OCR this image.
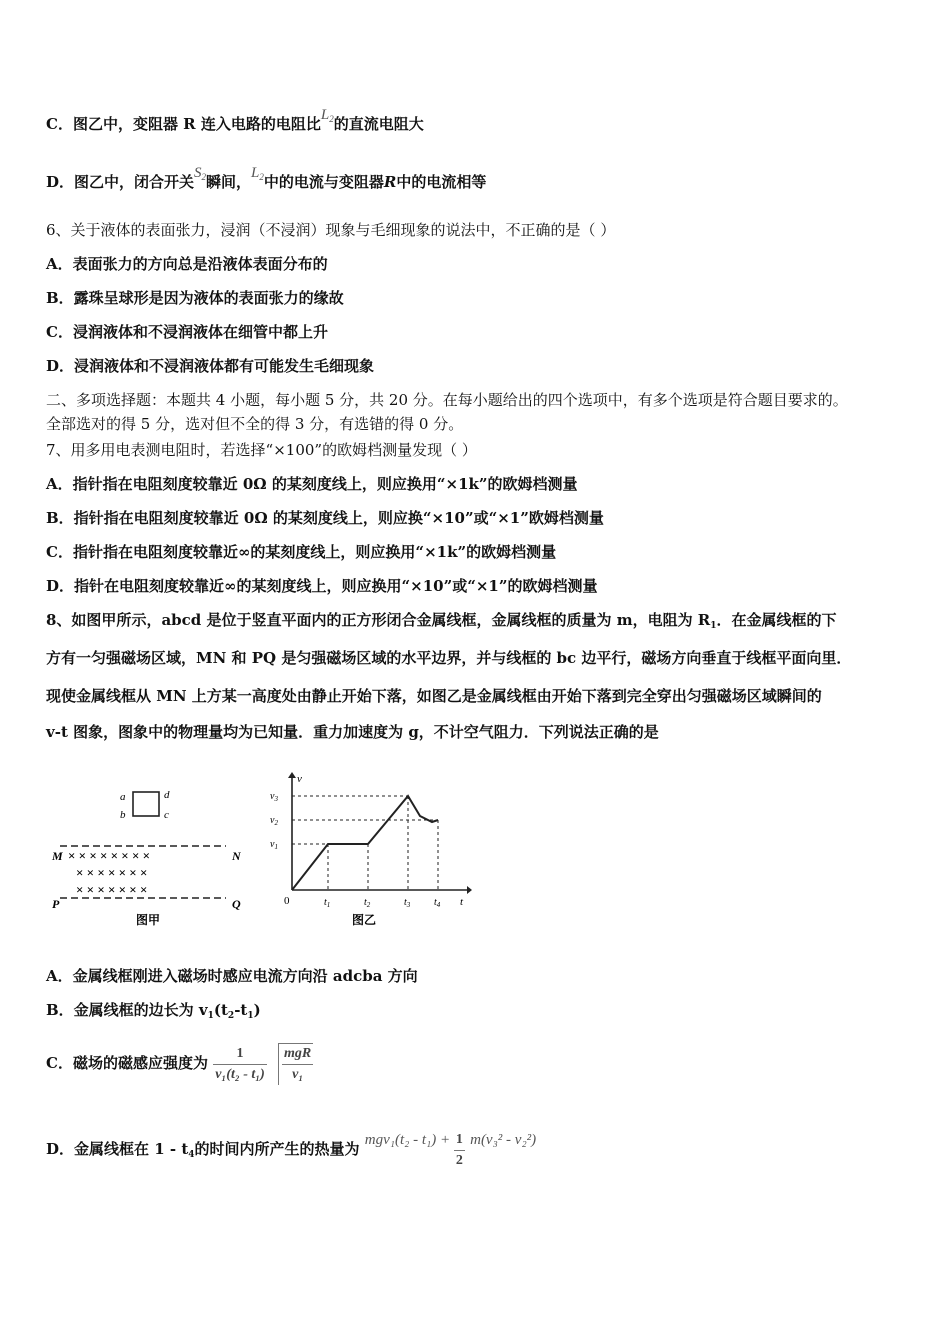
C．图乙中，变阻器 R 连入电路的电阻比$L_2$的直流电阻大
D．图乙中，闭合开关$S_2$瞬间，$L_2$中的电流与变阻器R中的电流相等
6、关于液体的表面张力，浸润（不浸润）现象与毛细现象的说法中，不正确的是（ ）
A．表面张力的方向总是沿液体表面分布的
B．露珠呈球形是因为液体的表面张力的缘故
C．浸润液体和不浸润液体在细管中都上升
D．浸润液体和不浸润液体都有可能发生毛细现象
二、多项选择题：本题共 4 小题，每小题 5 分，共 20 分。在每小题给出的四个选项中，有多个选项是符合题目要求的。
全部选对的得 5 分，选对但不全的得 3 分，有选错的得 0 分。
7、用多用电表测电阻时，若选择“×100”的欧姆档测量发现（ ）
A．指针指在电阻刻度较靠近 0Ω 的某刻度线上，则应换用“×1k”的欧姆档测量
B．指针指在电阻刻度较靠近 0Ω 的某刻度线上，则应换“×10”或“×1”欧姆档测量
C．指针指在电阻刻度较靠近∞的某刻度线上，则应换用“×1k”的欧姆档测量
D．指针在电阻刻度较靠近∞的某刻度线上，则应换用“×10”或“×1”的欧姆档测量
8、如图甲所示，abcd 是位于竖直平面内的正方形闭合金属线框，金属线框的质量为 m，电阻为 $R_1$．在金属线框的下
方有一匀强磁场区域，MN 和 PQ 是匀强磁场区域的水平边界，并与线框的 bc 边平行，磁场方向垂直于线框平面向里．
现使金属线框从 MN 上方某一高度处由静止开始下落，如图乙是金属线框由开始下落到完全穿出匀强磁场区域瞬间的
v-t 图象，图象中的物理量均为已知量．重力加速度为 g，不计空气阻力．下列说法正确的是
a
b	c
d
M	N
P	Q
× × × × × × × ×
× × × × × × ×
× × × × × × ×
图甲
v
t
0
$v_1$
$v_2$
$v_3$
$t_1$	$t_2$	$t_3$ $t_4$
图乙
A．金属线框刚进入磁场时感应电流方向沿 adcba 方向
B．金属线框的边长为 $v_1(t_2-t_1)$
C．磁场的磁感应强度为 $\frac{1}{\text{v₁(t₂ - t₁)}}$
$\frac{\text{mgR}}{\text{v₁}}$
D．金属线框在 $1 - t_4$的时间内所产生的热量为 $mgv_1(t_2 - t_1) + \frac{1}{2} m(v_3^2 - v_2^2)$
